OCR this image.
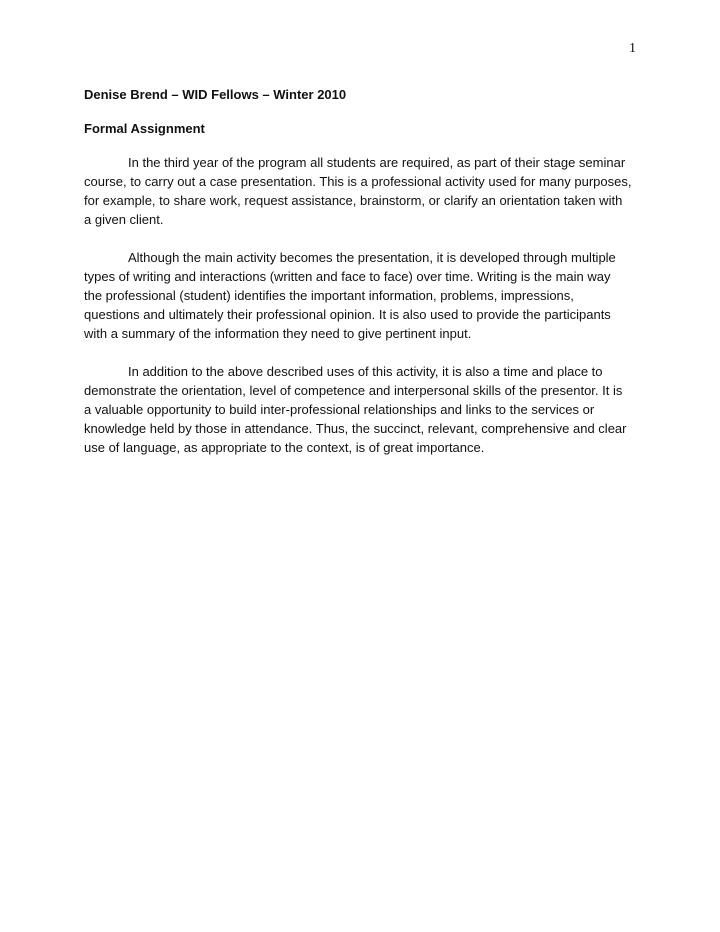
1
Denise Brend – WID Fellows – Winter 2010
Formal Assignment

In the third year of the program all students are required, as part of their stage seminar
course, to carry out a case presentation. This is a professional activity used for many purposes,
for example, to share work, request assistance, brainstorm, or clarify an orientation taken with
a given client.

Although the main activity becomes the presentation, it is developed through multiple
types of writing and interactions (written and face to face) over time. Writing is the main way
the professional (student) identifies the important information, problems, impressions,
questions and ultimately their professional opinion. It is also used to provide the participants
with a summary of the information they need to give pertinent input.

In addition to the above described uses of this activity, it is also a time and place to
demonstrate the orientation, level of competence and interpersonal skills of the presentor. It is
a valuable opportunity to build inter-professional relationships and links to the services or
knowledge held by those in attendance. Thus, the succinct, relevant, comprehensive and clear
use of language, as appropriate to the context, is of great importance.
